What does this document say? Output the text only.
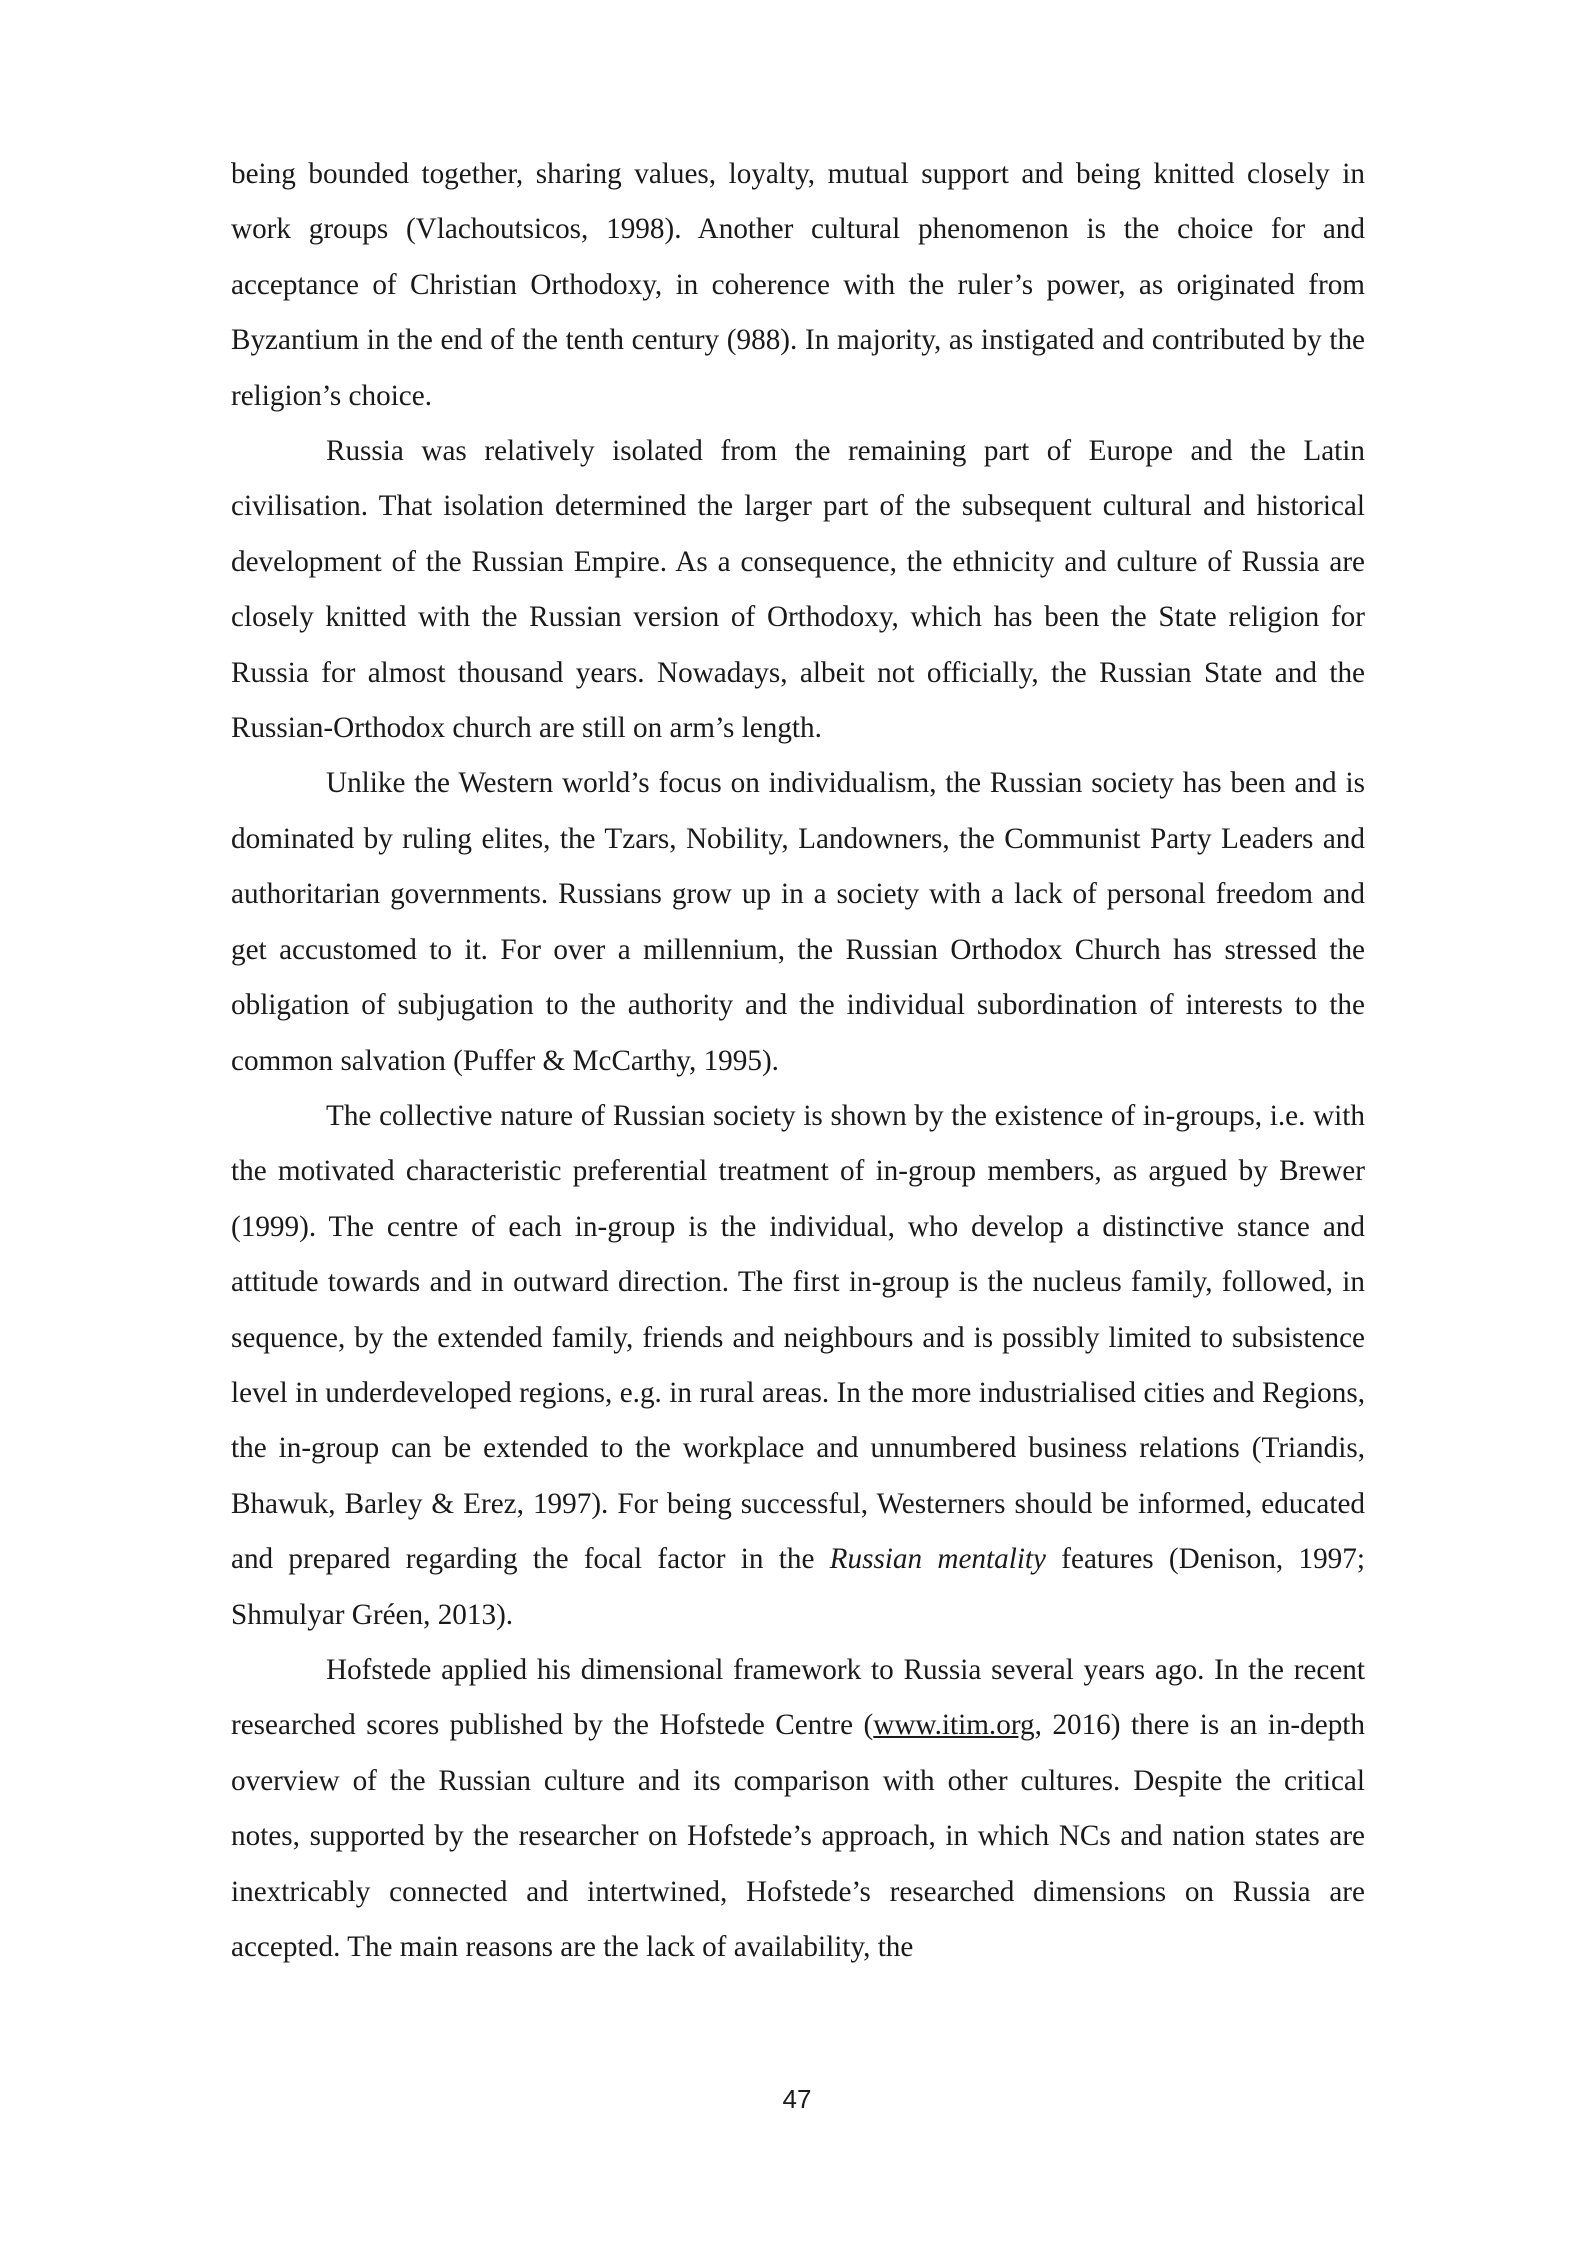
being bounded together, sharing values, loyalty, mutual support and being knitted closely in work groups (Vlachoutsicos, 1998). Another cultural phenomenon is the choice for and acceptance of Christian Orthodoxy, in coherence with the ruler’s power, as originated from Byzantium in the end of the tenth century (988). In majority, as instigated and contributed by the religion’s choice.

Russia was relatively isolated from the remaining part of Europe and the Latin civilisation. That isolation determined the larger part of the subsequent cultural and historical development of the Russian Empire. As a consequence, the ethnicity and culture of Russia are closely knitted with the Russian version of Orthodoxy, which has been the State religion for Russia for almost thousand years. Nowadays, albeit not officially, the Russian State and the Russian-Orthodox church are still on arm’s length.

Unlike the Western world’s focus on individualism, the Russian society has been and is dominated by ruling elites, the Tzars, Nobility, Landowners, the Communist Party Leaders and authoritarian governments. Russians grow up in a society with a lack of personal freedom and get accustomed to it. For over a millennium, the Russian Orthodox Church has stressed the obligation of subjugation to the authority and the individual subordination of interests to the common salvation (Puffer & McCarthy, 1995).

The collective nature of Russian society is shown by the existence of in-groups, i.e. with the motivated characteristic preferential treatment of in-group members, as argued by Brewer (1999). The centre of each in-group is the individual, who develop a distinctive stance and attitude towards and in outward direction. The first in-group is the nucleus family, followed, in sequence, by the extended family, friends and neighbours and is possibly limited to subsistence level in underdeveloped regions, e.g. in rural areas. In the more industrialised cities and Regions, the in-group can be extended to the workplace and unnumbered business relations (Triandis, Bhawuk, Barley & Erez, 1997). For being successful, Westerners should be informed, educated and prepared regarding the focal factor in the Russian mentality features (Denison, 1997; Shmulyar Gréen, 2013).

Hofstede applied his dimensional framework to Russia several years ago. In the recent researched scores published by the Hofstede Centre (www.itim.org, 2016) there is an in-depth overview of the Russian culture and its comparison with other cultures. Despite the critical notes, supported by the researcher on Hofstede’s approach, in which NCs and nation states are inextricably connected and intertwined, Hofstede’s researched dimensions on Russia are accepted. The main reasons are the lack of availability, the

47
